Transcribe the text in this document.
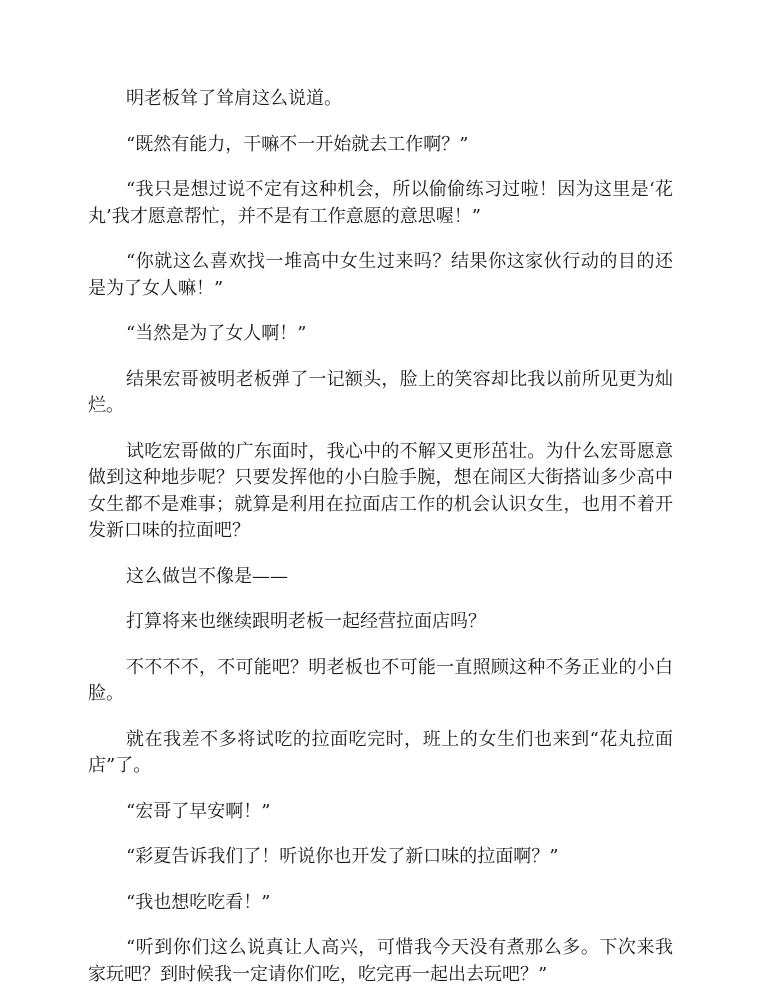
明老板耸了耸肩这么说道。

“既然有能力，干嘛不一开始就去工作啊？”

“我只是想过说不定有这种机会，所以偷偷练习过啦！因为这里是‘花丸’我才愿意帮忙，并不是有工作意愿的意思喔！”

“你就这么喜欢找一堆高中女生过来吗？结果你这家伙行动的目的还是为了女人嘛！”

“当然是为了女人啊！”

结果宏哥被明老板弹了一记额头，脸上的笑容却比我以前所见更为灿烂。

试吃宏哥做的广东面时，我心中的不解又更形茁壮。为什么宏哥愿意做到这种地步呢？只要发挥他的小白脸手腕，想在闹区大街搭讪多少高中女生都不是难事；就算是利用在拉面店工作的机会认识女生，也用不着开发新口味的拉面吧？

这么做岂不像是——

打算将来也继续跟明老板一起经营拉面店吗？

不不不不，不可能吧？明老板也不可能一直照顾这种不务正业的小白脸。

就在我差不多将试吃的拉面吃完时，班上的女生们也来到“花丸拉面店”了。

“宏哥了早安啊！”

“彩夏告诉我们了！听说你也开发了新口味的拉面啊？”

“我也想吃吃看！”

“听到你们这么说真让人高兴，可惜我今天没有煮那么多。下次来我家玩吧？到时候我一定请你们吃，吃完再一起出去玩吧？”
